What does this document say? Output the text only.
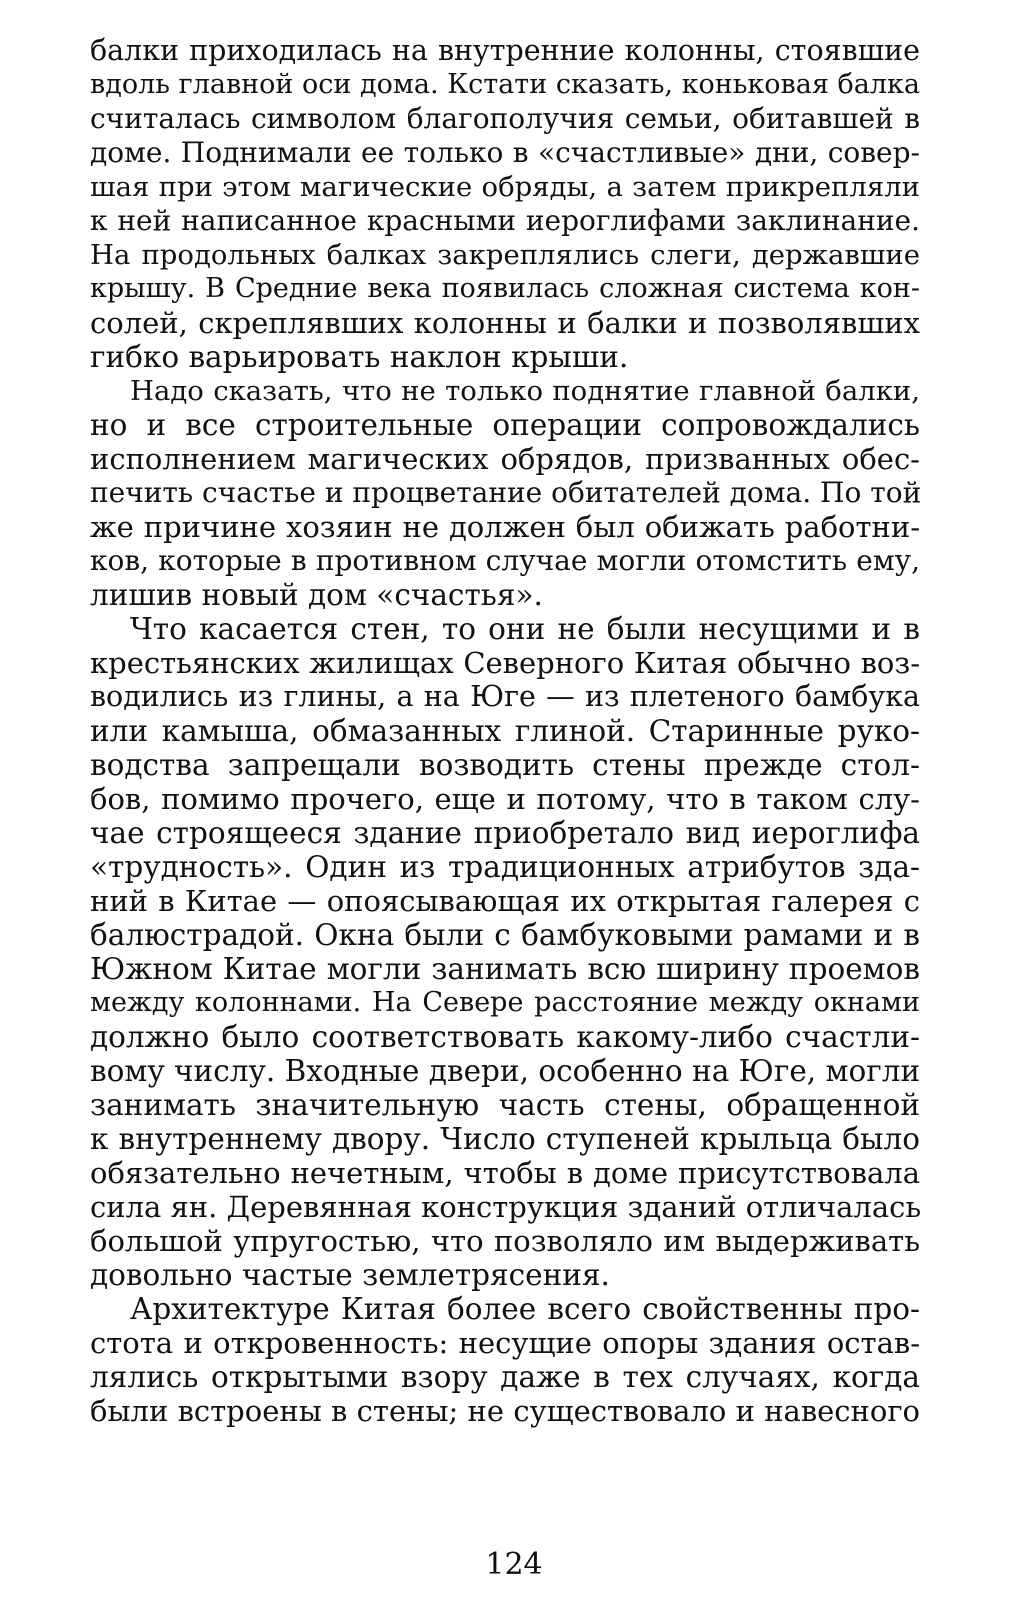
балки приходилась на внутренние колонны, стоявшие
вдоль главной оси дома. Кстати сказать, коньковая балка
считалась символом благополучия семьи, обитавшей в
доме. Поднимали ее только в «счастливые» дни, совер-
шая при этом магические обряды, а затем прикрепляли
к ней написанное красными иероглифами заклинание.
На продольных балках закреплялись слеги, державшие
крышу. В Средние века появилась сложная система кон-
солей, скреплявших колонны и балки и позволявших
гибко варьировать наклон крыши.
Надо сказать, что не только поднятие главной балки,
но и все строительные операции сопровождались
исполнением магических обрядов, призванных обес-
печить счастье и процветание обитателей дома. По той
же причине хозяин не должен был обижать работни-
ков, которые в противном случае могли отомстить ему,
лишив новый дом «счастья».
Что касается стен, то они не были несущими и в
крестьянских жилищах Северного Китая обычно воз-
водились из глины, а на Юге — из плетеного бамбука
или камыша, обмазанных глиной. Старинные руко-
водства запрещали возводить стены прежде стол-
бов, помимо прочего, еще и потому, что в таком слу-
чае строящееся здание приобретало вид иероглифа
«трудность». Один из традиционных атрибутов зда-
ний в Китае — опоясывающая их открытая галерея с
балюстрадой. Окна были с бамбуковыми рамами и в
Южном Китае могли занимать всю ширину проемов
между колоннами. На Севере расстояние между окнами
должно было соответствовать какому-либо счастли-
вому числу. Входные двери, особенно на Юге, могли
занимать значительную часть стены, обращенной
к внутреннему двору. Число ступеней крыльца было
обязательно нечетным, чтобы в доме присутствовала
сила ян. Деревянная конструкция зданий отличалась
большой упругостью, что позволяло им выдерживать
довольно частые землетрясения.
Архитектуре Китая более всего свойственны про-
стота и откровенность: несущие опоры здания остав-
лялись открытыми взору даже в тех случаях, когда
были встроены в стены; не существовало и навесного
124
